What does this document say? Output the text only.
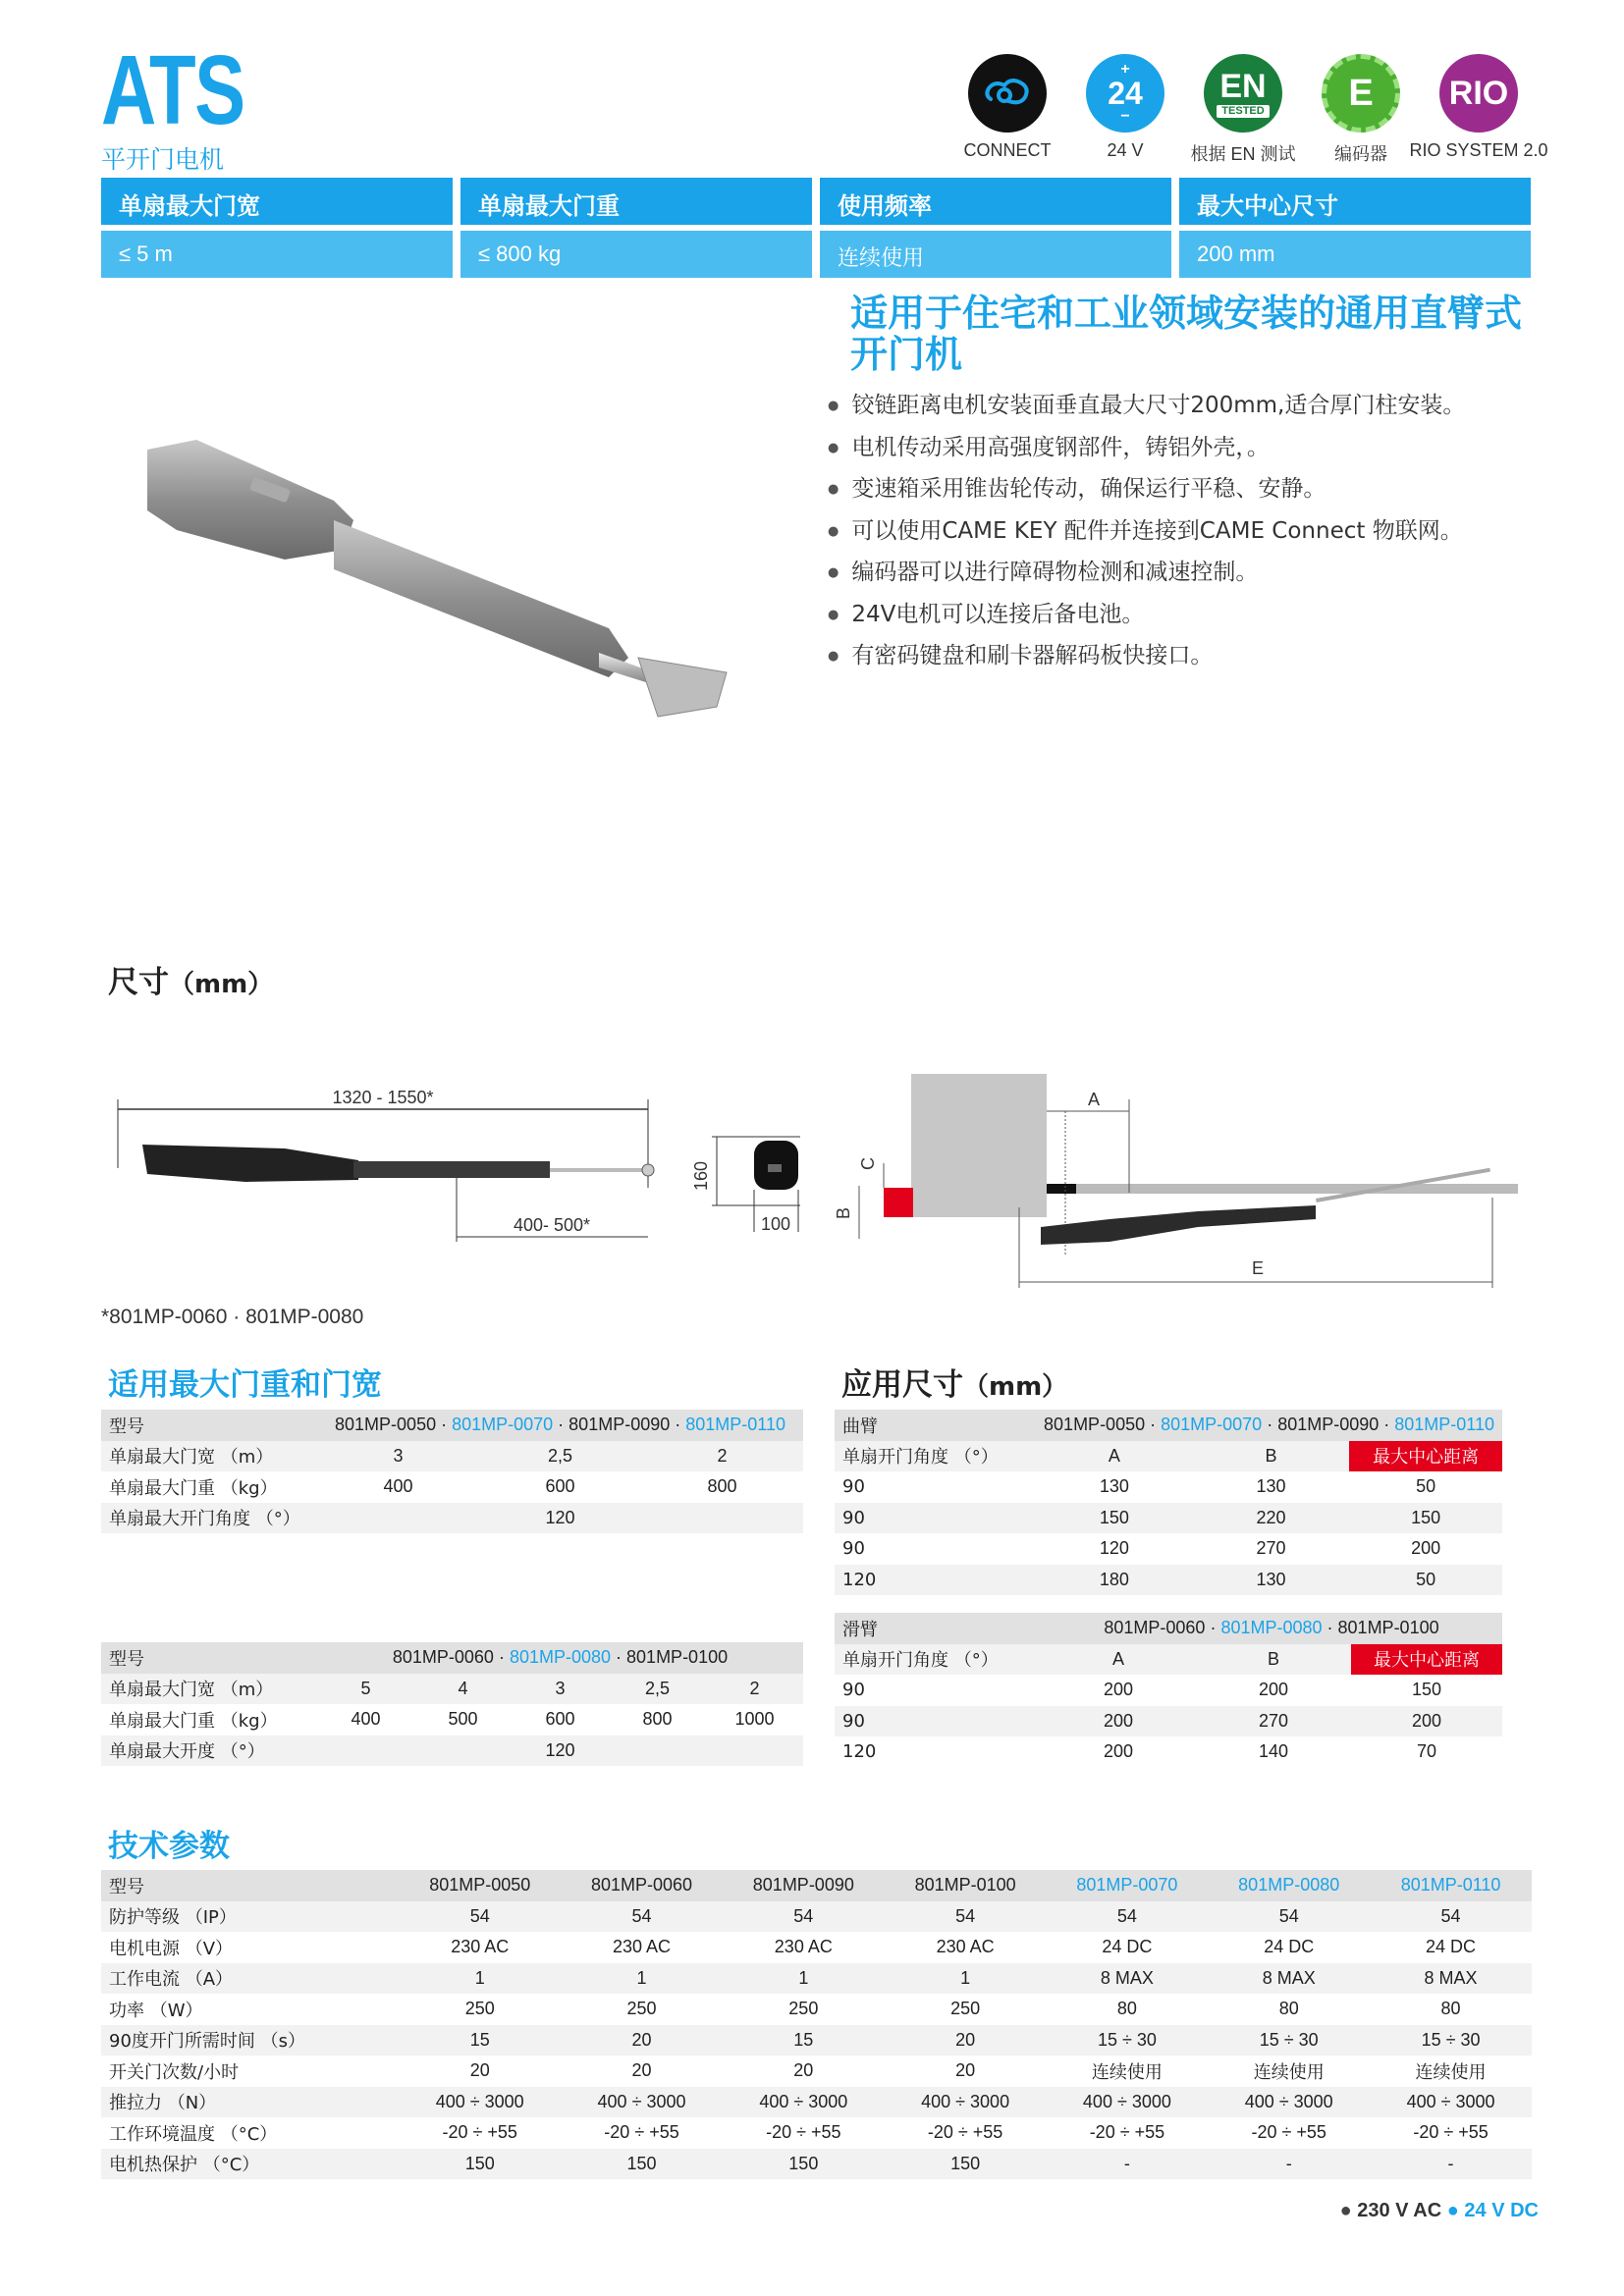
ATS
平开门电机	CONNECT
+
24
−
24 V
EN
TESTED
根据 EN 测试
E
编码器
RIO
RIO SYSTEM 2.0
单扇最大门宽	单扇最大门重	使用频率	最大中心尺寸
≤ 5 m	≤ 800 kg	连续使用	200 mm
适用于住宅和工业领域安装的通用直臂式开门机
● 铰链距离电机安装面垂直最大尺寸200mm,适合厚门柱安装。
● 电机传动采用高强度钢部件，铸铝外壳，。
● 变速箱采用锥齿轮传动，确保运行平稳、安静。
● 可以使用CAME KEY 配件并连接到CAME Connect 物联网。
● 编码器可以进行障碍物检测和减速控制。
● 24V电机可以连接后备电池。
● 有密码键盘和刷卡器解码板快接口。
尺寸（mm）
1320 - 1550*
400- 500*
160
100
A
C
B
E
*801MP-0060 · 801MP-0080
适用最大门重和门宽
型号	801MP-0050 · 801MP-0070 · 801MP-0090 · 801MP-0110		
单扇最大门宽 （m）	3	2,5	2
单扇最大门重 （kg）	400	600	800
单扇最大开门角度 （°）		120	
型号	801MP-0060 · 801MP-0080 · 801MP-0100				
单扇最大门宽 （m）	5	4	3	2,5	2
单扇最大门重 （kg）	400	500	600	800	1000
单扇最大开度 （°）			120		
应用尺寸（mm）
曲臂	801MP-0050 · 801MP-0070 · 801MP-0090 · 801MP-0110		
单扇开门角度 （°）	A	B	最大中心距离
90	130	130	50
90	150	220	150
90	120	270	200
120	180	130	50
滑臂	801MP-0060 · 801MP-0080 · 801MP-0100		
单扇开门角度 （°）	A	B	最大中心距离
90	200	200	150
90	200	270	200
120	200	140	70
技术参数
型号	801MP-0050	801MP-0060	801MP-0090	801MP-0100	801MP-0070	801MP-0080	801MP-0110
防护等级 （IP）	54	54	54	54	54	54	54
电机电源 （V）	230 AC	230 AC	230 AC	230 AC	24 DC	24 DC	24 DC
工作电流 （A）	1	1	1	1	8 MAX	8 MAX	8 MAX
功率 （W）	250	250	250	250	80	80	80
90度开门所需时间 （s）	15	20	15	20	15 ÷ 30	15 ÷ 30	15 ÷ 30
开关门次数/小时	20	20	20	20	连续使用	连续使用	连续使用
推拉力 （N）	400 ÷ 3000	400 ÷ 3000	400 ÷ 3000	400 ÷ 3000	400 ÷ 3000	400 ÷ 3000	400 ÷ 3000
工作环境温度 （°C）	-20 ÷ +55	-20 ÷ +55	-20 ÷ +55	-20 ÷ +55	-20 ÷ +55	-20 ÷ +55	-20 ÷ +55
电机热保护 （°C）	150	150	150	150	-	-	-
● 230 V AC ● 24 V DC
